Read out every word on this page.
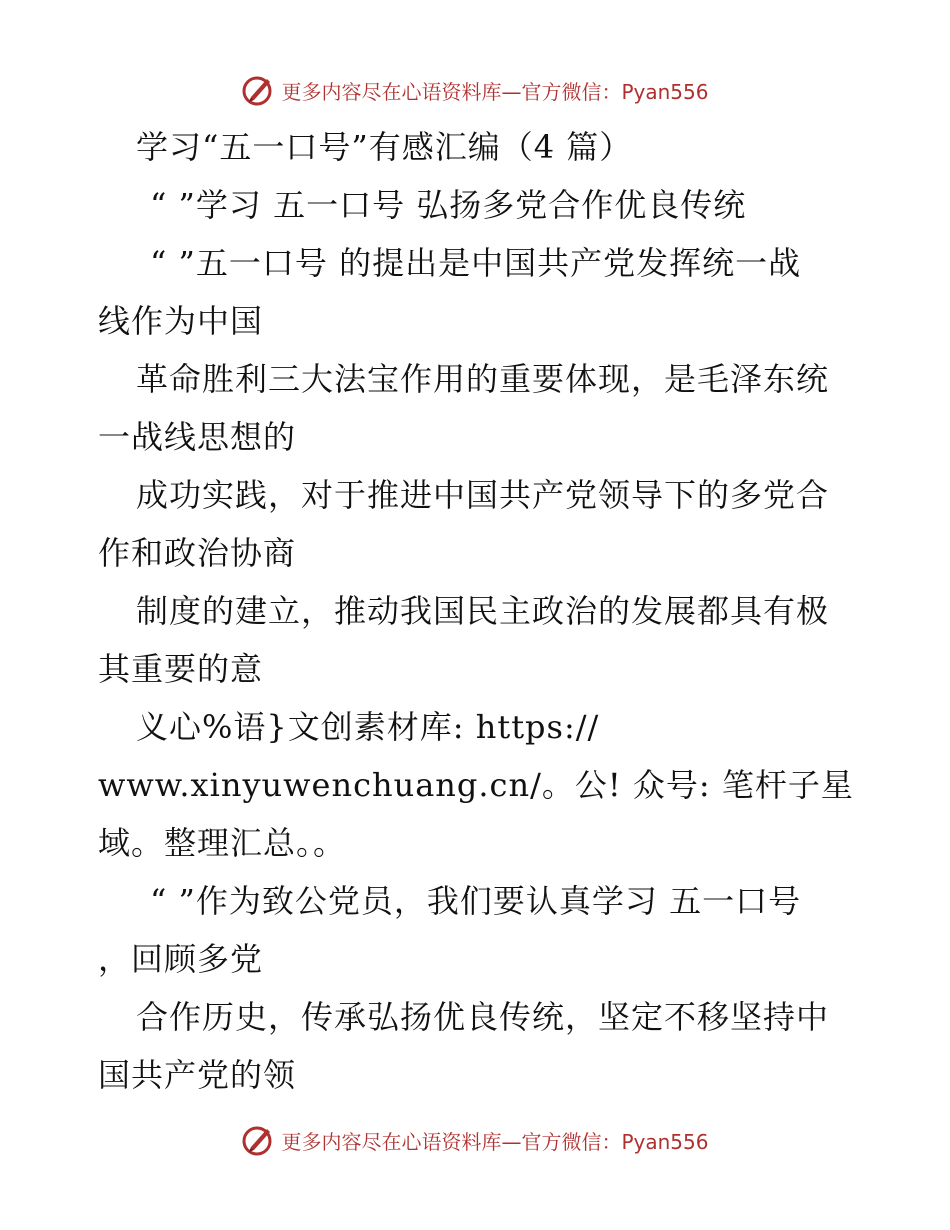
更多内容尽在心语资料库—官方微信：Pyan556
学习“五一口号”有感汇编（4 篇）
“ ”学习 五一口号 弘扬多党合作优良传统
“ ”五一口号 的提出是中国共产党发挥统一战
线作为中国
革命胜利三大法宝作用的重要体现，是毛泽东统
一战线思想的
成功实践，对于推进中国共产党领导下的多党合
作和政治协商
制度的建立，推动我国民主政治的发展都具有极
其重要的意
义心%语}文创素材库: https://
www.xinyuwenchuang.cn/。公! 众号: 笔杆子星
域。整理汇总。。
“ ”作为致公党员，我们要认真学习 五一口号
，回顾多党
合作历史，传承弘扬优良传统，坚定不移坚持中
国共产党的领
更多内容尽在心语资料库—官方微信：Pyan556
